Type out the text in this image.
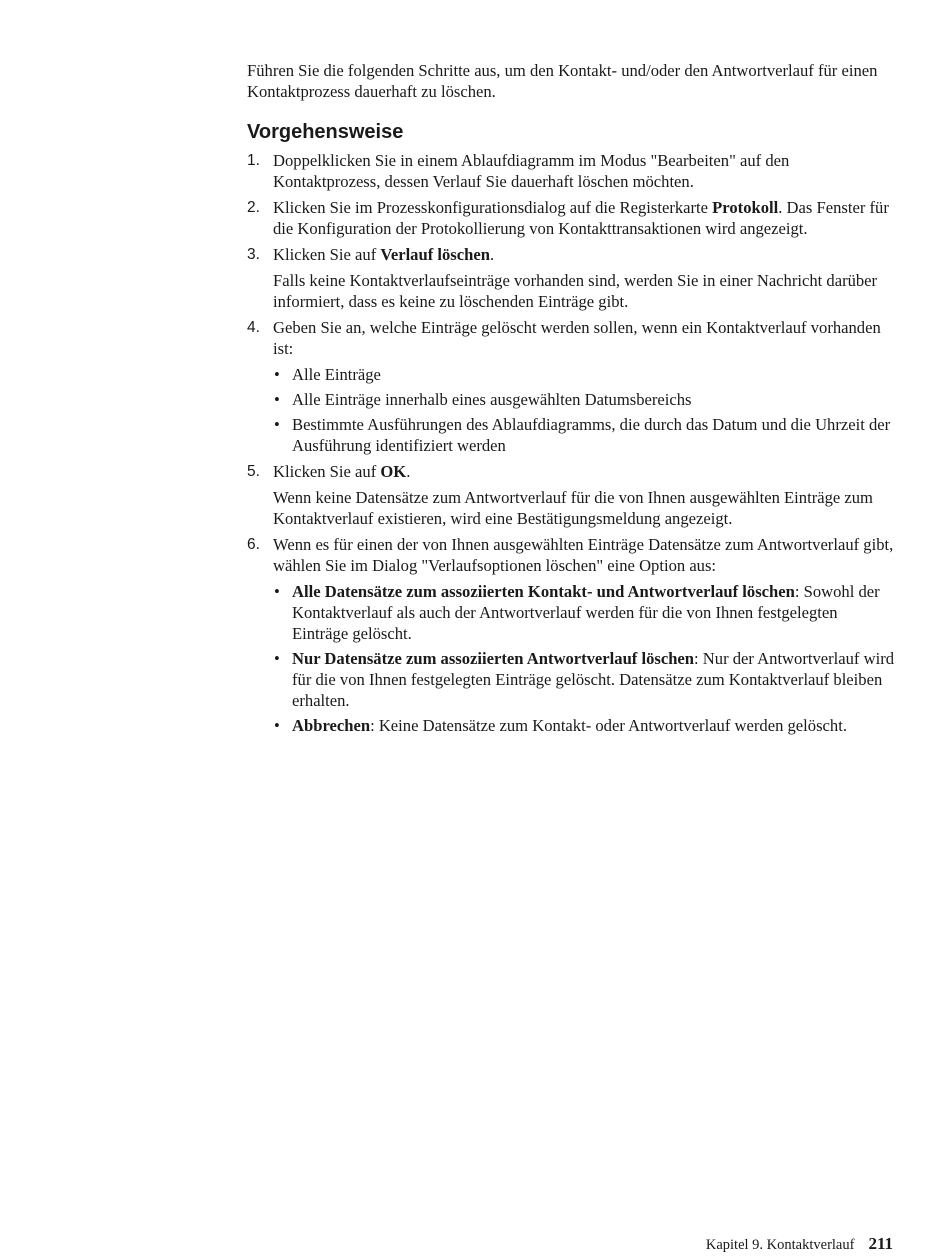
Führen Sie die folgenden Schritte aus, um den Kontakt- und/oder den Antwortverlauf für einen Kontaktprozess dauerhaft zu löschen.

Vorgehensweise
1. Doppelklicken Sie in einem Ablaufdiagramm im Modus "Bearbeiten" auf den Kontaktprozess, dessen Verlauf Sie dauerhaft löschen möchten.

2. Klicken Sie im Prozesskonfigurationsdialog auf die Registerkarte Protokoll. Das Fenster für die Konfiguration der Protokollierung von Kontakttransaktionen wird angezeigt.

3. Klicken Sie auf Verlauf löschen.

Falls keine Kontaktverlaufseinträge vorhanden sind, werden Sie in einer Nachricht darüber informiert, dass es keine zu löschenden Einträge gibt.

4. Geben Sie an, welche Einträge gelöscht werden sollen, wenn ein Kontaktverlauf vorhanden ist:

• Alle Einträge
• Alle Einträge innerhalb eines ausgewählten Datumsbereichs
• Bestimmte Ausführungen des Ablaufdiagramms, die durch das Datum und die Uhrzeit der Ausführung identifiziert werden
5. Klicken Sie auf OK.

Wenn keine Datensätze zum Antwortverlauf für die von Ihnen ausgewählten Einträge zum Kontaktverlauf existieren, wird eine Bestätigungsmeldung angezeigt.

6. Wenn es für einen der von Ihnen ausgewählten Einträge Datensätze zum Antwortverlauf gibt, wählen Sie im Dialog "Verlaufsoptionen löschen" eine Option aus:

• Alle Datensätze zum assoziierten Kontakt- und Antwortverlauf löschen: Sowohl der Kontaktverlauf als auch der Antwortverlauf werden für die von Ihnen festgelegten Einträge gelöscht.
• Nur Datensätze zum assoziierten Antwortverlauf löschen: Nur der Antwortverlauf wird für die von Ihnen festgelegten Einträge gelöscht. Datensätze zum Kontaktverlauf bleiben erhalten.
• Abbrechen: Keine Datensätze zum Kontakt- oder Antwortverlauf werden gelöscht.
Kapitel 9. Kontaktverlauf 211
